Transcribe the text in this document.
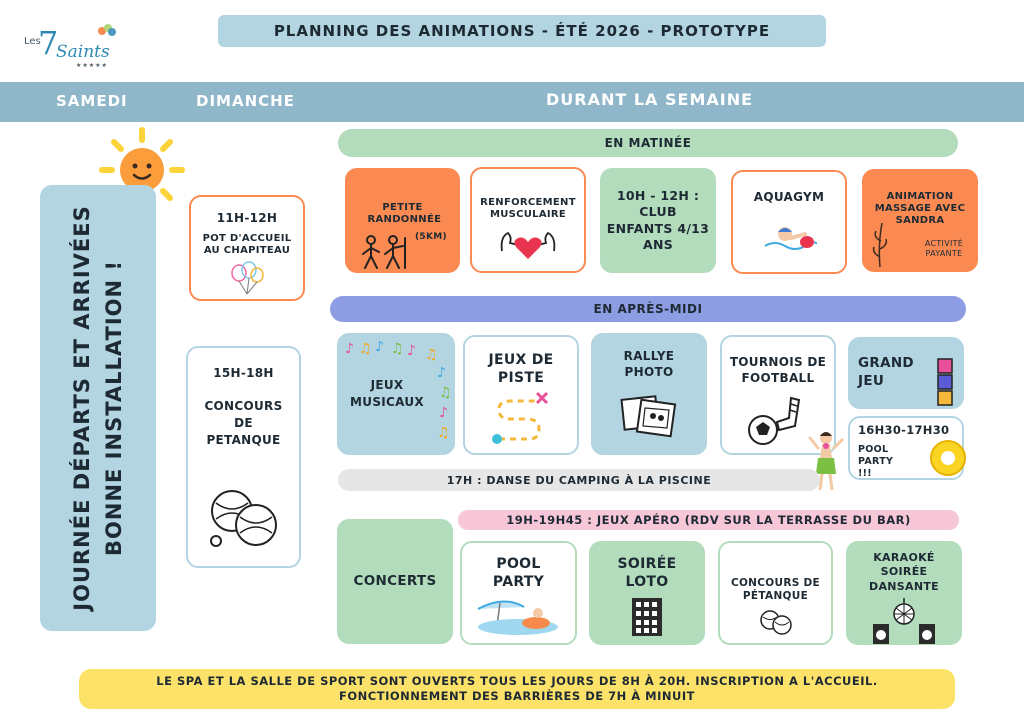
Les
7
Saints
★★★★★
PLANNING DES ANIMATIONS - ÉTÉ 2026 - PROTOTYPE
SAMEDI	DIMANCHE	DURANT LA SEMAINE
JOURNÉE DÉPARTS ET ARRIVÉES BONNE INSTALLATION !
11H-12H
POT D'ACCUEIL AU CHAPITEAU
15H-18H
CONCOURS DE PETANQUE
EN MATINÉE
PETITE RANDONNÉE
(5KM)
RENFORCEMENT MUSCULAIRE
10H - 12H : CLUB ENFANTS 4/13 ANS
AQUAGYM	ANIMATION MASSAGE AVEC SANDRA
ACTIVITÉ PAYANTE
EN APRÈS-MIDI
JEUX MUSICAUX
♪ ♫ ♪ ♫ ♪ ♫
♪
♫
♪
♫
JEUX DE PISTE
RALLYE PHOTO
TOURNOIS DE FOOTBALL
GRAND JEU
16H30-17H30
POOL PARTY !!!
17H : DANSE DU CAMPING À LA PISCINE
19H-19H45 : JEUX APÉRO (RDV SUR LA TERRASSE DU BAR)
CONCERTS
POOL PARTY
SOIRÉE LOTO	CONCOURS DE PÉTANQUE
KARAOKÉ SOIRÉE DANSANTE
LE SPA ET LA SALLE DE SPORT SONT OUVERTS TOUS LES JOURS DE 8H À 20H. INSCRIPTION A L'ACCUEIL.
FONCTIONNEMENT DES BARRIÈRES DE 7H À MINUIT
